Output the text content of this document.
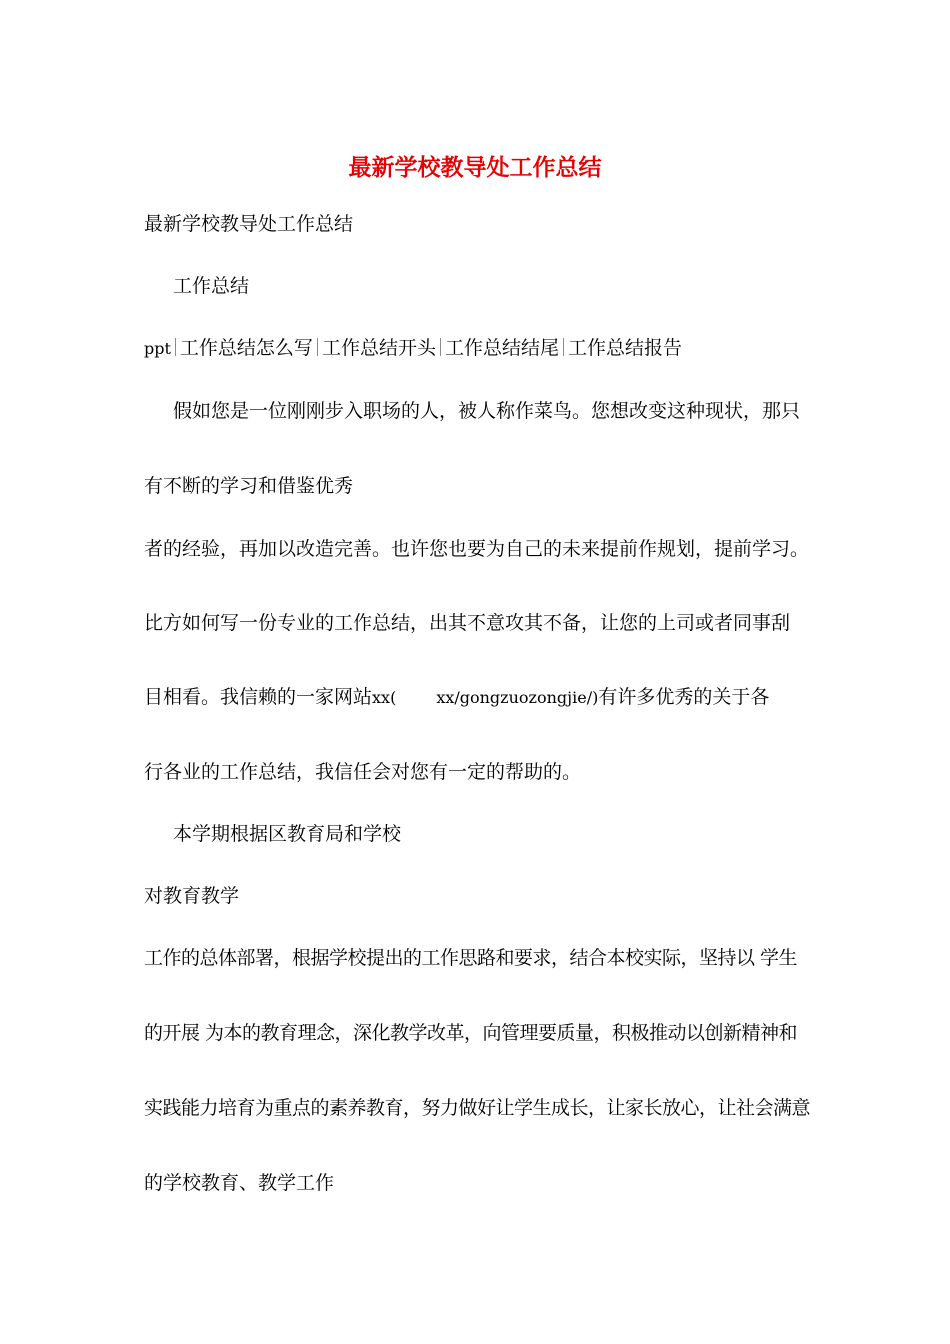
最新学校教导处工作总结
最新学校教导处工作总结
工作总结
ppt 工作总结怎么写 工作总结开头 工作总结结尾 工作总结报告
假如您是一位刚刚步入职场的人，被人称作菜鸟。您想改变这种现状，那只
有不断的学习和借鉴优秀
者的经验，再加以改造完善。也许您也要为自己的未来提前作规划，提前学习。
比方如何写一份专业的工作总结，出其不意攻其不备，让您的上司或者同事刮
目相看。我信赖的一家网站xx(	xx/gongzuozongjie/)有许多优秀的关于各
行各业的工作总结，我信任会对您有一定的帮助的。
本学期根据区教育局和学校
对教育教学
工作的总体部署，根据学校提出的工作思路和要求，结合本校实际，坚持以 学生
的开展 为本的教育理念，深化教学改革，向管理要质量，积极推动以创新精神和
实践能力培育为重点的素养教育，努力做好让学生成长，让家长放心，让社会满意
的学校教育、教学工作
